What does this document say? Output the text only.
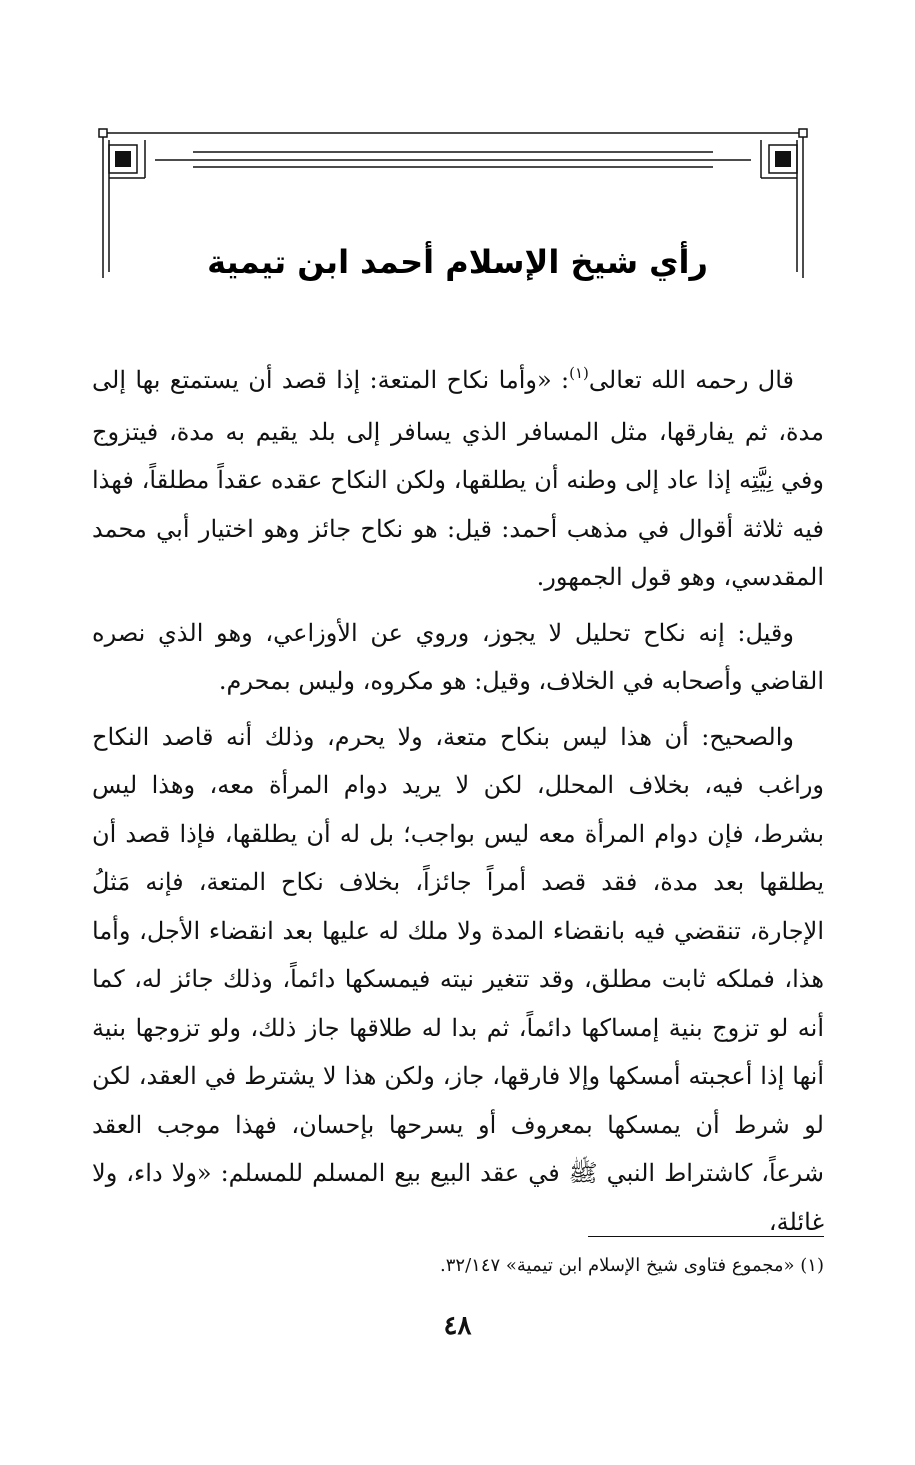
رأي شيخ الإسلام أحمد ابن تيمية

قال رحمه الله تعالى$^{(١)}$: «وأما نكاح المتعة: إذا قصد أن يستمتع بها إلى مدة، ثم يفارقها، مثل المسافر الذي يسافر إلى بلد يقيم به مدة، فيتزوج وفي نِيَّتِه إذا عاد إلى وطنه أن يطلقها، ولكن النكاح عقده عقداً مطلقاً، فهذا فيه ثلاثة أقوال في مذهب أحمد: قيل: هو نكاح جائز وهو اختيار أبي محمد المقدسي، وهو قول الجمهور.

وقيل: إنه نكاح تحليل لا يجوز، وروي عن الأوزاعي، وهو الذي نصره القاضي وأصحابه في الخلاف، وقيل: هو مكروه، وليس بمحرم.

والصحيح: أن هذا ليس بنكاح متعة، ولا يحرم، وذلك أنه قاصد النكاح وراغب فيه، بخلاف المحلل، لكن لا يريد دوام المرأة معه، وهذا ليس بشرط، فإن دوام المرأة معه ليس بواجب؛ بل له أن يطلقها، فإذا قصد أن يطلقها بعد مدة، فقد قصد أمراً جائزاً، بخلاف نكاح المتعة، فإنه مَثلُ الإجارة، تنقضي فيه بانقضاء المدة ولا ملك له عليها بعد انقضاء الأجل، وأما هذا، فملكه ثابت مطلق، وقد تتغير نيته فيمسكها دائماً، وذلك جائز له، كما أنه لو تزوج بنية إمساكها دائماً، ثم بدا له طلاقها جاز ذلك، ولو تزوجها بنية أنها إذا أعجبته أمسكها وإلا فارقها، جاز، ولكن هذا لا يشترط في العقد، لكن لو شرط أن يمسكها بمعروف أو يسرحها بإحسان، فهذا موجب العقد شرعاً، كاشتراط النبي ﷺ في عقد البيع بيع المسلم للمسلم: «ولا داء، ولا غائلة،

(١) «مجموع فتاوى شيخ الإسلام ابن تيمية» ٣٢/١٤٧.
٤٨
